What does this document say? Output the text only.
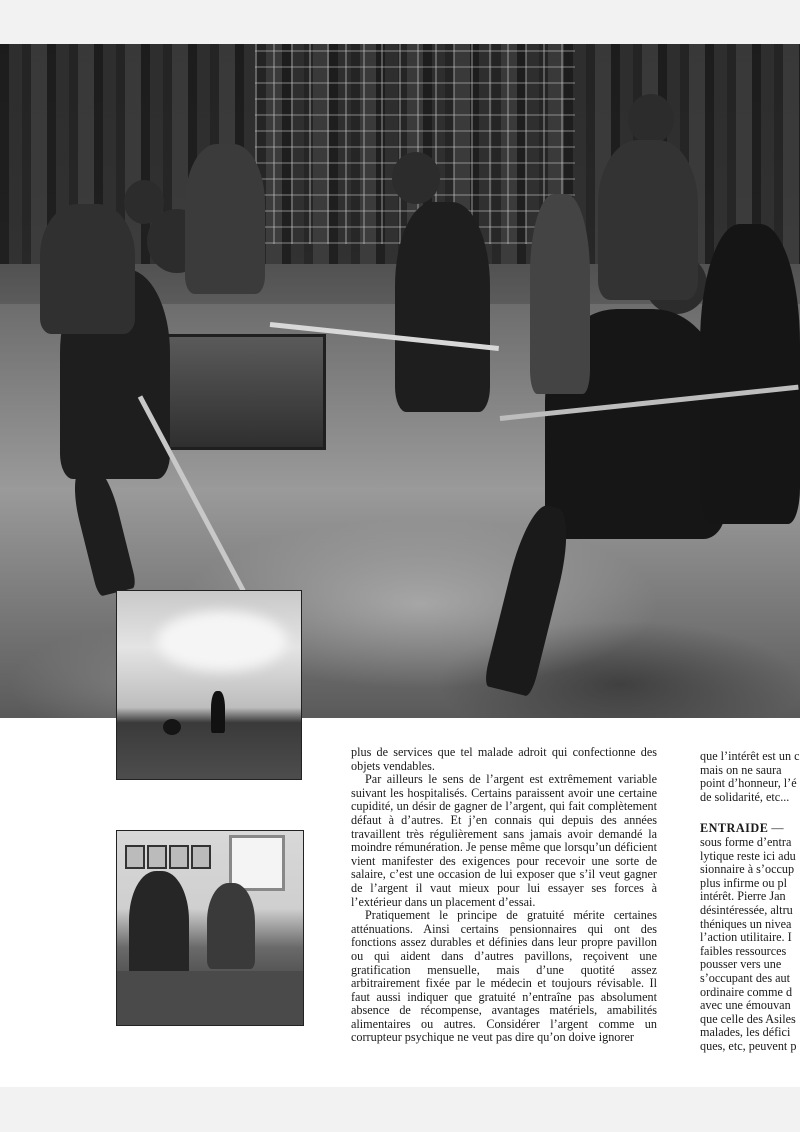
plus de services que tel malade adroit qui confectionne des objets vendables.

Par ailleurs le sens de l’argent est extrêmement variable suivant les hospitalisés. Certains paraissent avoir une certaine cupidité, un désir de gagner de l’argent, qui fait complètement défaut à d’autres. Et j’en connais qui depuis des années travaillent très régulièrement sans jamais avoir demandé la moindre rémunération. Je pense même que lorsqu’un déficient vient manifester des exigences pour recevoir une sorte de salaire, c’est une occasion de lui exposer que s’il veut gagner de l’argent il vaut mieux pour lui essayer ses forces à l’extérieur dans un placement d’essai.

Pratiquement le principe de gratuité mérite certaines atténuations. Ainsi certains pensionnaires qui ont des fonctions assez durables et définies dans leur propre pavillon ou qui aident dans d’autres pavillons, reçoivent une gratification mensuelle, mais d’une quotité assez arbitrairement fixée par le médecin et toujours révisable. Il faut aussi indiquer que gratuité n’entraîne pas absolument absence de récompense, avantages matériels, amabilités alimentaires ou autres. Considérer l’argent comme un corrupteur psychique ne veut pas dire qu’on doive ignorer

que l’intérêt est un c
mais on ne saura
point d’honneur, l’é
de solidarité, etc...
ENTRAIDE —
sous forme d’entra
lytique reste ici adu
sionnaire à s’occup
plus infirme ou pl
intérêt. Pierre Jan
désintéressée, altru
théniques un nivea
l’action utilitaire. I
faibles ressources
pousser vers une
s’occupant des aut
ordinaire comme d
avec une émouvan
que celle des Asiles
malades, les défici
ques, etc, peuvent p
